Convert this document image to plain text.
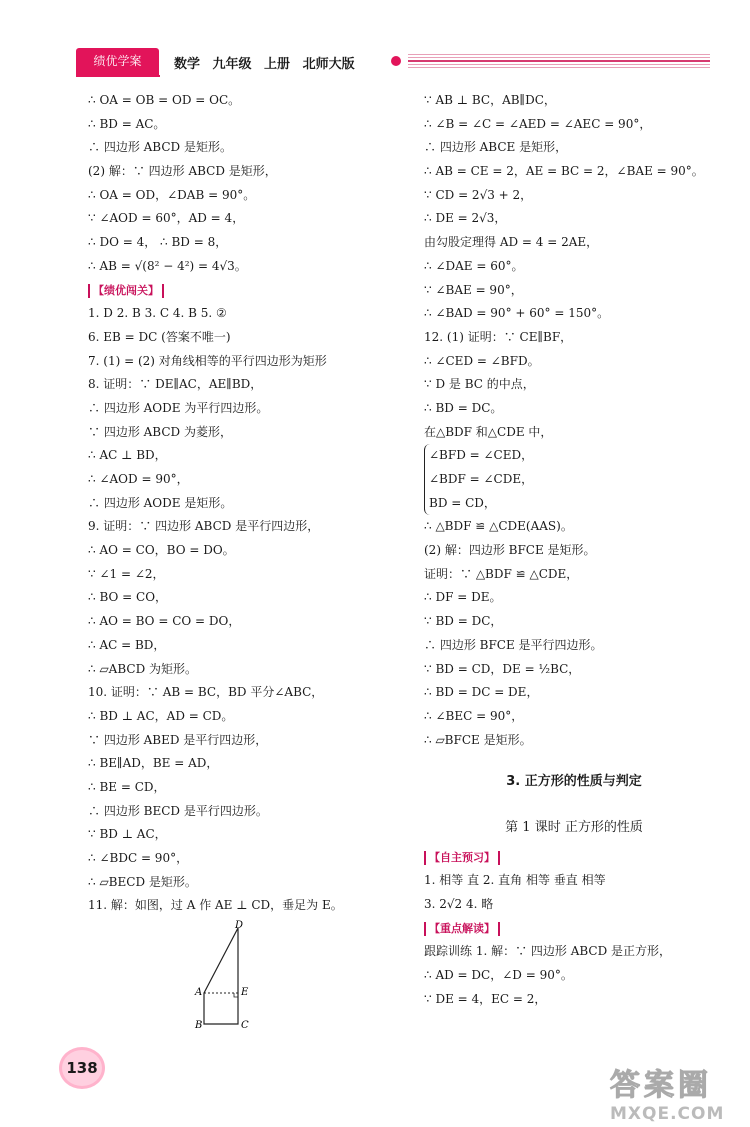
绩优学案	数学 九年级 上册 北师大版
∴ OA = OB = OD = OC。
∴ BD = AC。
∴ 四边形 ABCD 是矩形。
(2) 解：∵ 四边形 ABCD 是矩形，
∴ OA = OD，∠DAB = 90°。
∵ ∠AOD = 60°，AD = 4，
∴ DO = 4， ∴ BD = 8，
∴ AB = √(8² − 4²) = 4√3。
【绩优闯关】
1. D 2. B 3. C 4. B 5. ②
6. EB = DC (答案不唯一)
7. (1) = (2) 对角线相等的平行四边形为矩形
8. 证明：∵ DE∥AC，AE∥BD，
∴ 四边形 AODE 为平行四边形。
∵ 四边形 ABCD 为菱形，
∴ AC ⊥ BD，
∴ ∠AOD = 90°，
∴ 四边形 AODE 是矩形。
9. 证明：∵ 四边形 ABCD 是平行四边形，
∴ AO = CO，BO = DO。
∵ ∠1 = ∠2，
∴ BO = CO，
∴ AO = BO = CO = DO，
∴ AC = BD，
∴ ▱ABCD 为矩形。
10. 证明：∵ AB = BC，BD 平分∠ABC，
∴ BD ⊥ AC，AD = CD。
∵ 四边形 ABED 是平行四边形，
∴ BE∥AD，BE = AD，
∴ BE = CD，
∴ 四边形 BECD 是平行四边形。
∵ BD ⊥ AC，
∴ ∠BDC = 90°，
∴ ▱BECD 是矩形。
11. 解：如图，过 A 作 AE ⊥ CD，垂足为 E。
D
A	E
B	C
∵ AB ⊥ BC，AB∥DC，
∴ ∠B = ∠C = ∠AED = ∠AEC = 90°，
∴ 四边形 ABCE 是矩形，
∴ AB = CE = 2，AE = BC = 2，∠BAE = 90°。
∵ CD = 2√3 + 2，
∴ DE = 2√3，
由勾股定理得 AD = 4 = 2AE，
∴ ∠DAE = 60°。
∵ ∠BAE = 90°，
∴ ∠BAD = 90° + 60° = 150°。
12. (1) 证明：∵ CE∥BF，
∴ ∠CED = ∠BFD。
∵ D 是 BC 的中点，
∴ BD = DC。
在△BDF 和△CDE 中，
∠BFD = ∠CED，
∠BDF = ∠CDE，
BD = CD，
∴ △BDF ≌ △CDE(AAS)。
(2) 解：四边形 BFCE 是矩形。
证明：∵ △BDF ≌ △CDE，
∴ DF = DE。
∵ BD = DC，
∴ 四边形 BFCE 是平行四边形。
∵ BD = CD，DE = ½BC，
∴ BD = DC = DE，
∴ ∠BEC = 90°，
∴ ▱BFCE 是矩形。
3. 正方形的性质与判定
第 1 课时 正方形的性质
【自主预习】
1. 相等 直 2. 直角 相等 垂直 相等
3. 2√2 4. 略
【重点解读】
跟踪训练 1. 解：∵ 四边形 ABCD 是正方形，
∴ AD = DC，∠D = 90°。
∵ DE = 4，EC = 2，
138	答案圈
MXQE.COM
